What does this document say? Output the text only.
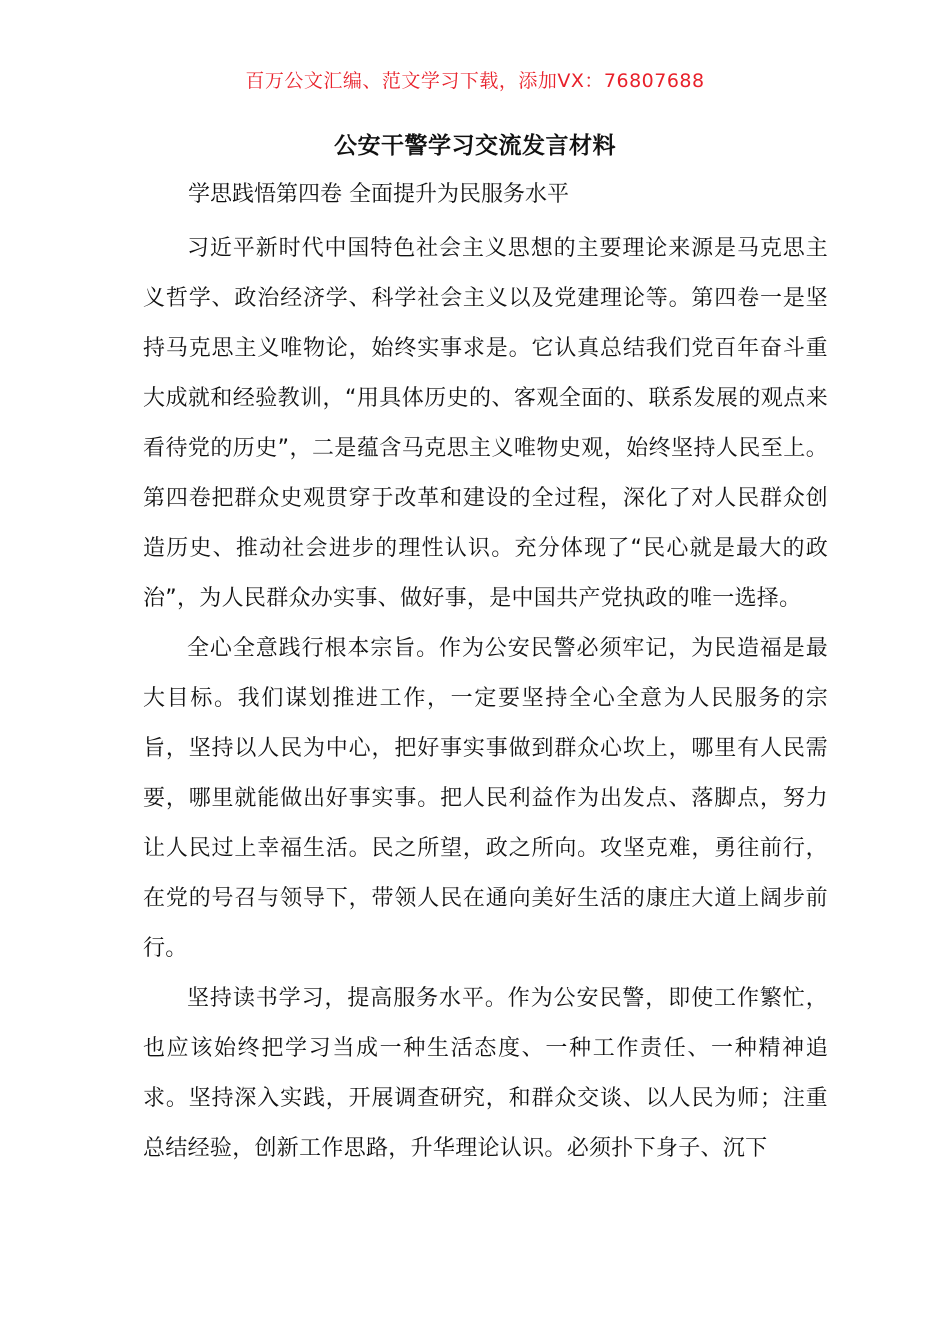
百万公文汇编、范文学习下载，添加VX：76807688
公安干警学习交流发言材料
学思践悟第四卷 全面提升为民服务水平

习近平新时代中国特色社会主义思想的主要理论来源是马克思主义哲学、政治经济学、科学社会主义以及党建理论等。第四卷一是坚持马克思主义唯物论，始终实事求是。它认真总结我们党百年奋斗重大成就和经验教训，“用具体历史的、客观全面的、联系发展的观点来看待党的历史”，二是蕴含马克思主义唯物史观，始终坚持人民至上。第四卷把群众史观贯穿于改革和建设的全过程，深化了对人民群众创造历史、推动社会进步的理性认识。充分体现了“民心就是最大的政治”，为人民群众办实事、做好事，是中国共产党执政的唯一选择。

全心全意践行根本宗旨。作为公安民警必须牢记，为民造福是最大目标。我们谋划推进工作，一定要坚持全心全意为人民服务的宗旨，坚持以人民为中心，把好事实事做到群众心坎上，哪里有人民需要，哪里就能做出好事实事。把人民利益作为出发点、落脚点，努力让人民过上幸福生活。民之所望，政之所向。攻坚克难，勇往前行，在党的号召与领导下，带领人民在通向美好生活的康庄大道上阔步前行。

坚持读书学习，提高服务水平。作为公安民警，即使工作繁忙，也应该始终把学习当成一种生活态度、一种工作责任、一种精神追求。坚持深入实践，开展调查研究，和群众交谈、以人民为师；注重总结经验，创新工作思路，升华理论认识。必须扑下身子、沉下
